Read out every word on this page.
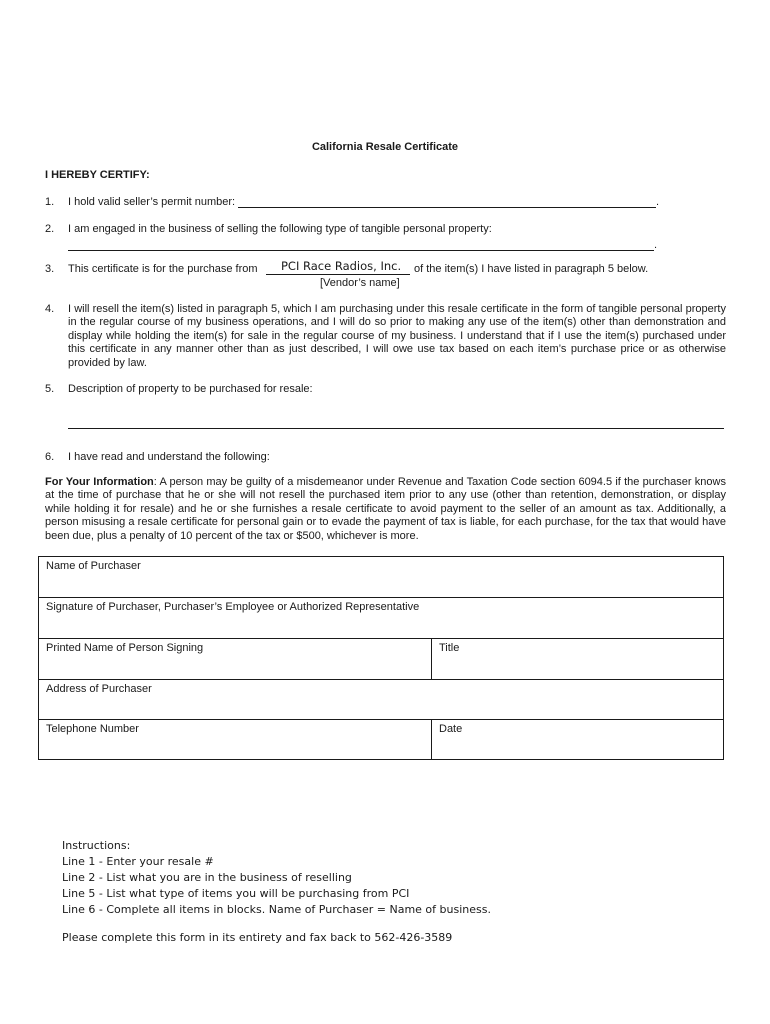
California Resale Certificate
I HEREBY CERTIFY:
1. I hold valid seller’s permit number:	.
2. I am engaged in the business of selling the following type of tangible personal property:
.
3. This certificate is for the purchase from PCI Race Radios, Inc. of the item(s) I have listed in paragraph 5 below.
[Vendor’s name]
4. I will resell the item(s) listed in paragraph 5, which I am purchasing under this resale certificate in the form of tangible personal property in the regular course of my business operations, and I will do so prior to making any use of the item(s) other than demonstration and display while holding the item(s) for sale in the regular course of my business. I understand that if I use the item(s) purchased under this certificate in any manner other than as just described, I will owe use tax based on each item’s purchase price or as otherwise provided by law.
5. Description of property to be purchased for resale:
6. I have read and understand the following:
For Your Information: A person may be guilty of a misdemeanor under Revenue and Taxation Code section 6094.5 if the purchaser knows at the time of purchase that he or she will not resell the purchased item prior to any use (other than retention, demonstration, or display while holding it for resale) and he or she furnishes a resale certificate to avoid payment to the seller of an amount as tax. Additionally, a person misusing a resale certificate for personal gain or to evade the payment of tax is liable, for each purchase, for the tax that would have been due, plus a penalty of 10 percent of the tax or $500, whichever is more.
Name of Purchaser
Signature of Purchaser, Purchaser’s Employee or Authorized Representative
Printed Name of Person Signing	Title
Address of Purchaser
Telephone Number	Date
Instructions:
Line 1 - Enter your resale #
Line 2 - List what you are in the business of reselling
Line 5 - List what type of items you will be purchasing from PCI
Line 6 - Complete all items in blocks. Name of Purchaser = Name of business.
Please complete this form in its entirety and fax back to 562-426-3589
